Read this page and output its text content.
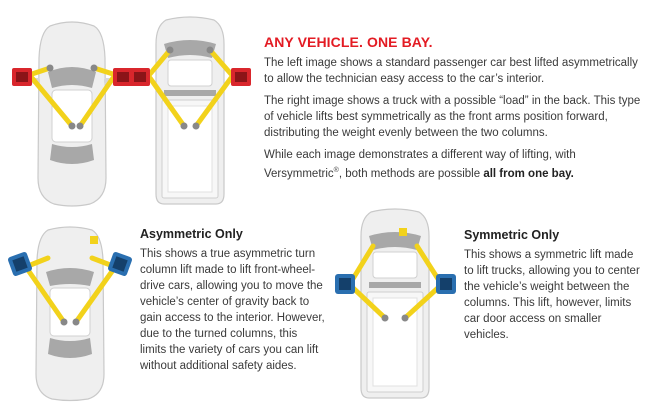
ANY VEHICLE. ONE BAY.

The left image shows a standard passenger car best lifted asymmetrically to allow the technician easy access to the car’s interior.

The right image shows a truck with a possible “load” in the back. This type of vehicle lifts best symmetrically as the front arms position forward, distributing the weight evenly between the two columns.

While each image demonstrates a different way of lifting, with Versymmetric®, both methods are possible all from one bay.

Asymmetric Only

This shows a true asymmetric turn column lift made to lift front-wheel-drive cars, allowing you to move the vehicle’s center of gravity back to gain access to the interior. However, due to the turned columns, this limits the variety of cars you can lift without additional safety aides.

Symmetric Only

This shows a symmetric lift made to lift trucks, allowing you to center the vehicle’s weight between the columns. This lift, however, limits car door access on smaller vehicles.
